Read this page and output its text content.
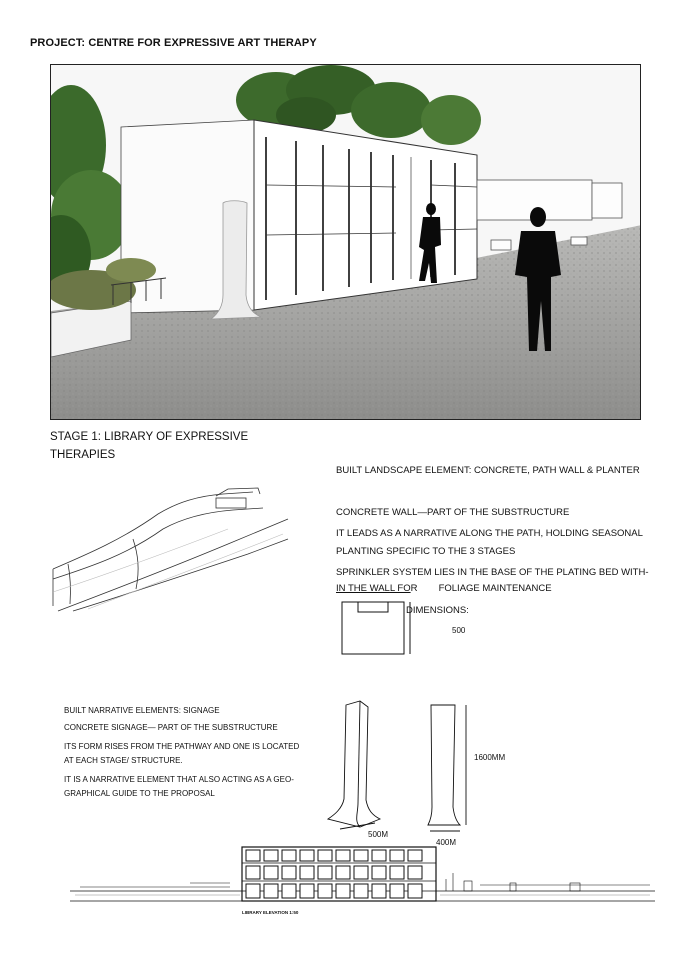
PROJECT: CENTRE FOR EXPRESSIVE ART THERAPY
STAGE 1: LIBRARY OF EXPRESSIVE THERAPIES
BUILT LANDSCAPE ELEMENT: CONCRETE, PATH WALL & PLANTER
CONCRETE WALL—PART OF THE SUBSTRUCTURE
IT LEADS AS A NARRATIVE ALONG THE PATH, HOLDING SEASONAL
PLANTING SPECIFIC TO THE 3 STAGES
SPRINKLER SYSTEM LIES IN THE BASE OF THE PLATING BED WITH-
IN THE WALL FOR        FOLIAGE MAINTENANCE
DIMENSIONS:
500
BUILT NARRATIVE ELEMENTS: SIGNAGE
CONCRETE SIGNAGE— PART OF THE SUBSTRUCTURE
ITS FORM RISES FROM THE PATHWAY AND ONE IS LOCATED
AT EACH STAGE/ STRUCTURE.
IT IS A NARRATIVE ELEMENT THAT ALSO ACTING AS A GEO-
GRAPHICAL GUIDE TO THE PROPOSAL
1600MM
500M
400M
LIBRARY ELEVATION 1:50
